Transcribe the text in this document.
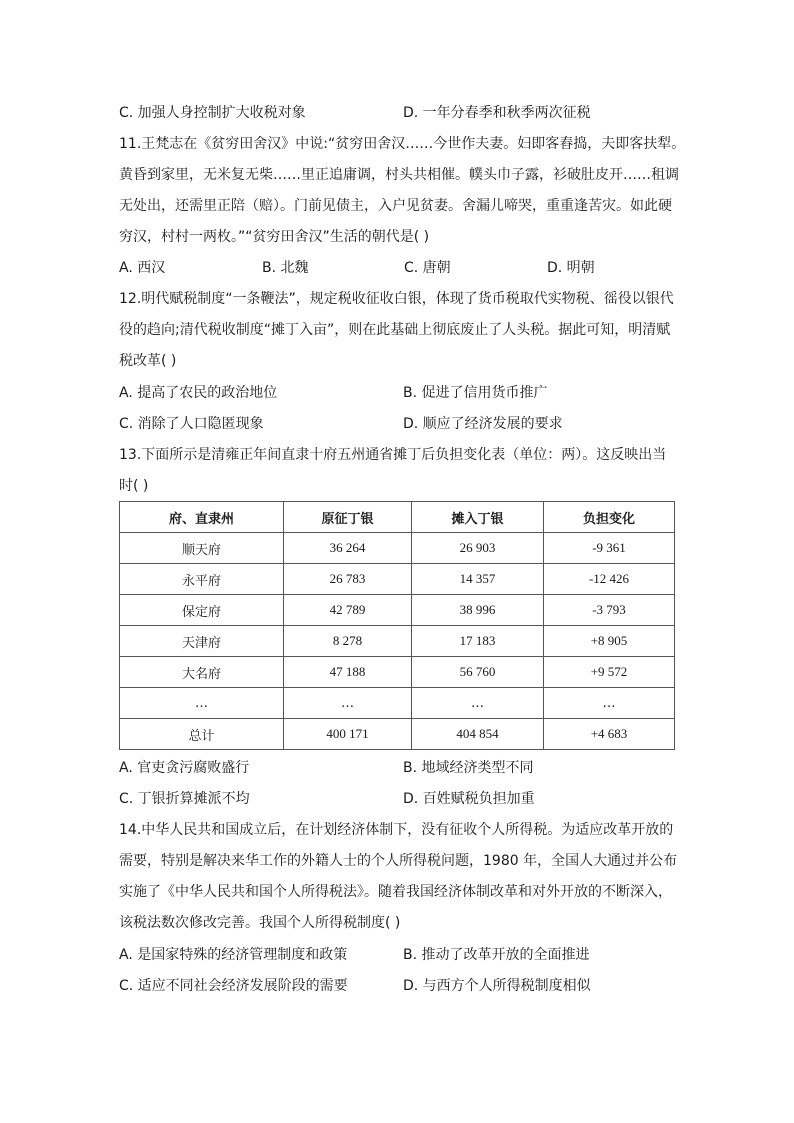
C. 加强人身控制扩大收税对象	D. 一年分春季和秋季两次征税
11.王梵志在《贫穷田舍汉》中说:“贫穷田舍汉……今世作夫妻。妇即客舂捣，夫即客扶犁。
黄昏到家里，无米复无柴……里正追庸调，村头共相催。幞头巾子露，衫破肚皮开……租调
无处出，还需里正陪（赔）。门前见债主，入户见贫妻。舍漏儿啼哭，重重逢苦灾。如此硬
穷汉，村村一两枚。”“贫穷田舍汉”生活的朝代是( )
A. 西汉	B. 北魏	C. 唐朝	D. 明朝
12.明代赋税制度“一条鞭法”，规定税收征收白银，体现了货币税取代实物税、徭役以银代
役的趋向;清代税收制度“摊丁入亩”，则在此基础上彻底废止了人头税。据此可知，明清赋
税改革( )
A. 提高了农民的政治地位	B. 促进了信用货币推广
C. 消除了人口隐匿现象	D. 顺应了经济发展的要求
13.下面所示是清雍正年间直隶十府五州通省摊丁后负担变化表（单位：两）。这反映出当
时( )
府、直隶州	原征丁银	摊入丁银	负担变化
顺天府	36 264	26 903	-9 361
永平府	26 783	14 357	-12 426
保定府	42 789	38 996	-3 793
天津府	8 278	17 183	+8 905
大名府	47 188	56 760	+9 572
…	…	…	…
总计	400 171	404 854	+4 683
A. 官吏贪污腐败盛行	B. 地域经济类型不同
C. 丁银折算摊派不均	D. 百姓赋税负担加重
14.中华人民共和国成立后，在计划经济体制下，没有征收个人所得税。为适应改革开放的
需要，特别是解决来华工作的外籍人士的个人所得税问题，1980 年，全国人大通过并公布
实施了《中华人民共和国个人所得税法》。随着我国经济体制改革和对外开放的不断深入，
该税法数次修改完善。我国个人所得税制度( )
A. 是国家特殊的经济管理制度和政策	B. 推动了改革开放的全面推进
C. 适应不同社会经济发展阶段的需要	D. 与西方个人所得税制度相似
